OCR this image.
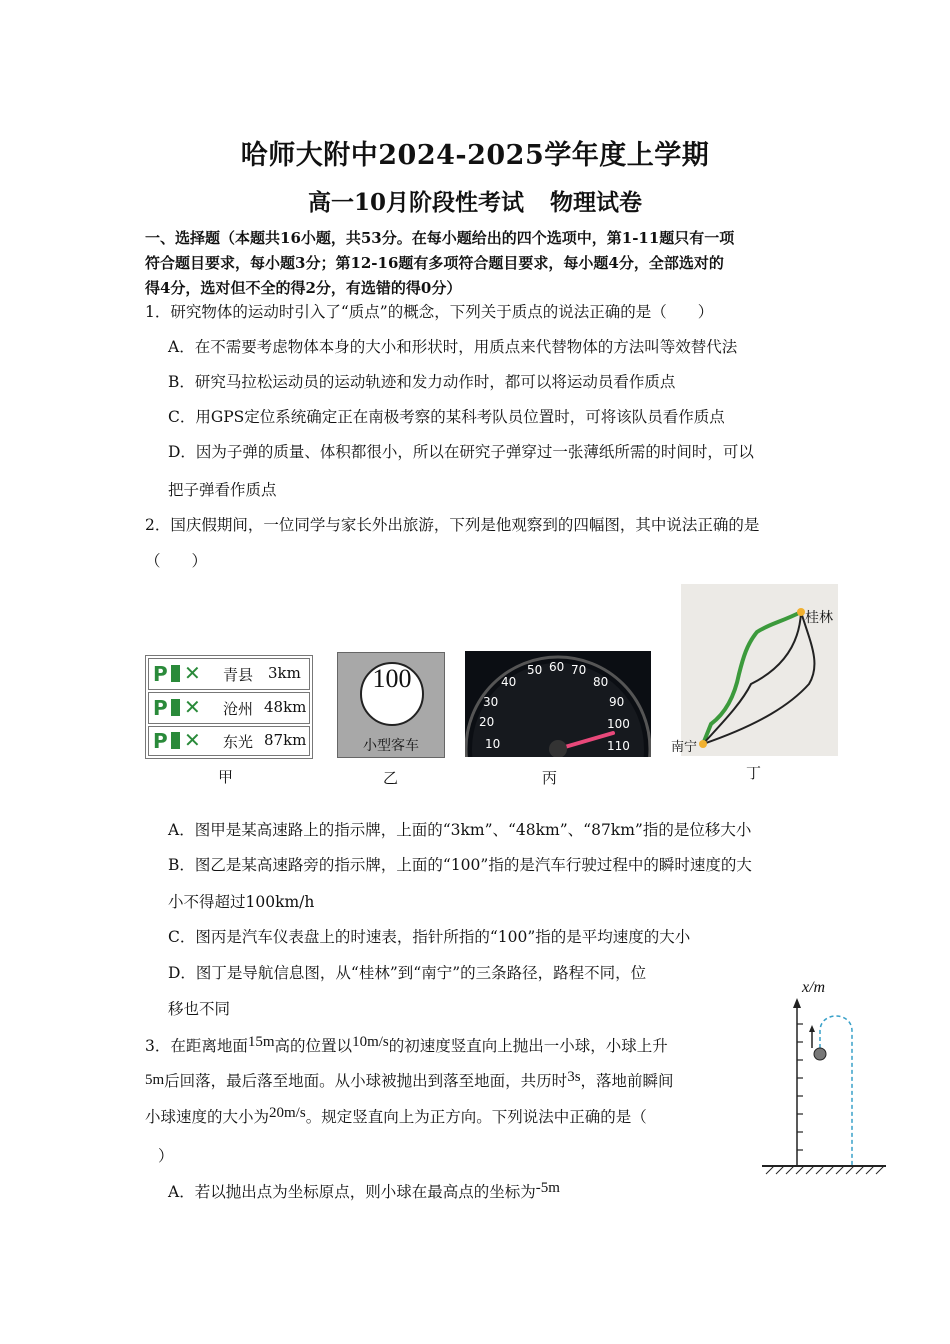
哈师大附中2024-2025学年度上学期
高一10月阶段性考试 物理试卷
一、选择题（本题共16小题，共53分。在每小题给出的四个选项中，第1-11题只有一项
符合题目要求，每小题3分；第12-16题有多项符合题目要求，每小题4分，全部选对的
得4分，选对但不全的得2分，有选错的得0分）
1．研究物体的运动时引入了“质点”的概念，下列关于质点的说法正确的是（　　）
A．在不需要考虑物体本身的大小和形状时，用质点来代替物体的方法叫等效替代法
B．研究马拉松运动员的运动轨迹和发力动作时，都可以将运动员看作质点
C．用GPS定位系统确定正在南极考察的某科考队员位置时，可将该队员看作质点
D．因为子弹的质量、体积都很小，所以在研究子弹穿过一张薄纸所需的时间时，可以
把子弹看作质点
2．国庆假期间，一位同学与家长外出旅游，下列是他观察到的四幅图，其中说法正确的是
（　　）
P ✕ 青县 3km
P ✕ 沧州 48km
P ✕ 东光 87km
100
小型客车	10
20
30
40
50 60 70
80
90
100
110
桂林
南宁
甲	乙	丙	丁
A．图甲是某高速路上的指示牌，上面的“3km”、“48km”、“87km”指的是位移大小
B．图乙是某高速路旁的指示牌，上面的“100”指的是汽车行驶过程中的瞬时速度的大
小不得超过100km/h
C．图丙是汽车仪表盘上的时速表，指针所指的“100”指的是平均速度的大小
D．图丁是导航信息图，从“桂林”到“南宁”的三条路径，路程不同，位
移也不同
3．在距离地面15m高的位置以10m/s的初速度竖直向上抛出一小球，小球上升
5m后回落，最后落至地面。从小球被抛出到落至地面，共历时3s，落地前瞬间
小球速度的大小为20m/s。规定竖直向上为正方向。下列说法中正确的是（
）
A．若以抛出点为坐标原点，则小球在最高点的坐标为-5m
x/m
